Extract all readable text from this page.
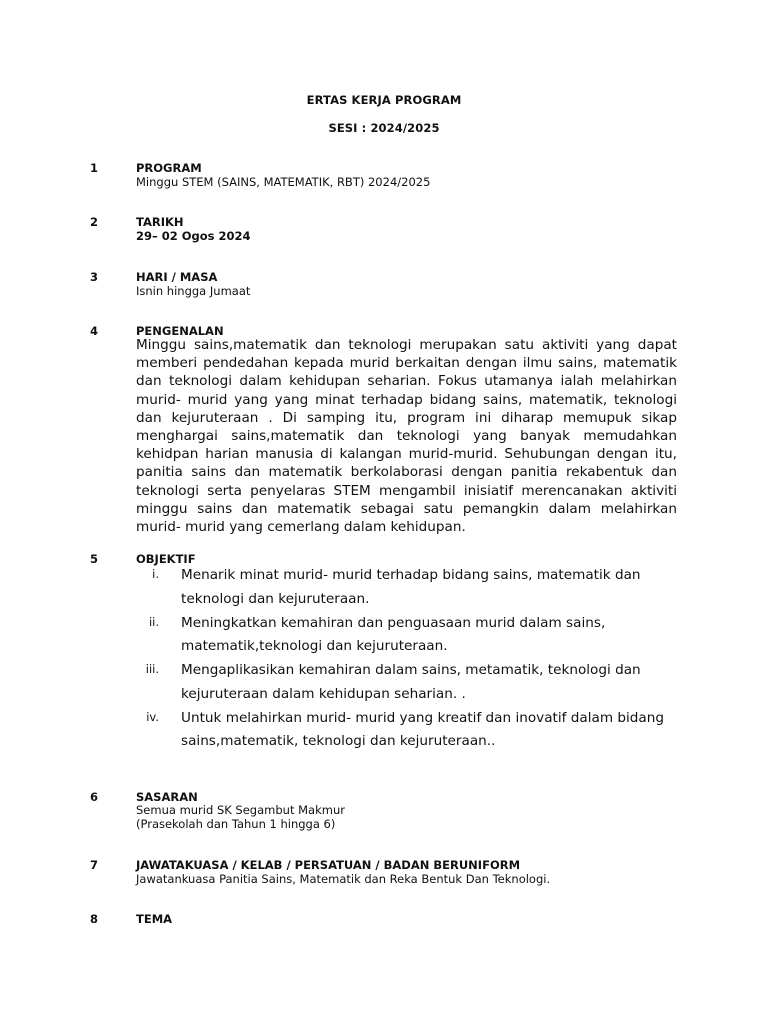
ERTAS KERJA PROGRAM
SESI : 2024/2025
1	PROGRAM
Minggu STEM (SAINS, MATEMATIK, RBT) 2024/2025
2	TARIKH
29– 02 Ogos 2024
3	HARI / MASA
Isnin hingga Jumaat
4	PENGENALAN
Minggu sains,matematik dan teknologi merupakan satu aktiviti yang dapat memberi pendedahan kepada murid berkaitan dengan ilmu sains, matematik dan teknologi dalam kehidupan seharian. Fokus utamanya ialah melahirkan murid- murid yang yang minat terhadap bidang sains, matematik, teknologi dan kejuruteraan . Di samping itu, program ini diharap memupuk sikap menghargai sains,matematik dan teknologi yang banyak memudahkan kehidpan harian manusia di kalangan murid-murid. Sehubungan dengan itu, panitia sains dan matematik berkolaborasi dengan panitia rekabentuk dan teknologi serta penyelaras STEM mengambil inisiatif merencanakan aktiviti minggu sains dan matematik sebagai satu pemangkin dalam melahirkan murid- murid yang cemerlang dalam kehidupan.
5	OBJEKTIF
i. Menarik minat murid- murid terhadap bidang sains, matematik dan teknologi dan kejuruteraan.
ii. Meningkatkan kemahiran dan penguasaan murid dalam sains, matematik,teknologi dan kejuruteraan.
iii. Mengaplikasikan kemahiran dalam sains, metamatik, teknologi dan kejuruteraan dalam kehidupan seharian. .
iv. Untuk melahirkan murid- murid yang kreatif dan inovatif dalam bidang sains,matematik, teknologi dan kejuruteraan..
6	SASARAN
Semua murid SK Segambut Makmur
(Prasekolah dan Tahun 1 hingga 6)
7	JAWATAKUASA / KELAB / PERSATUAN / BADAN BERUNIFORM
Jawatankuasa Panitia Sains, Matematik dan Reka Bentuk Dan Teknologi.
8	TEMA
